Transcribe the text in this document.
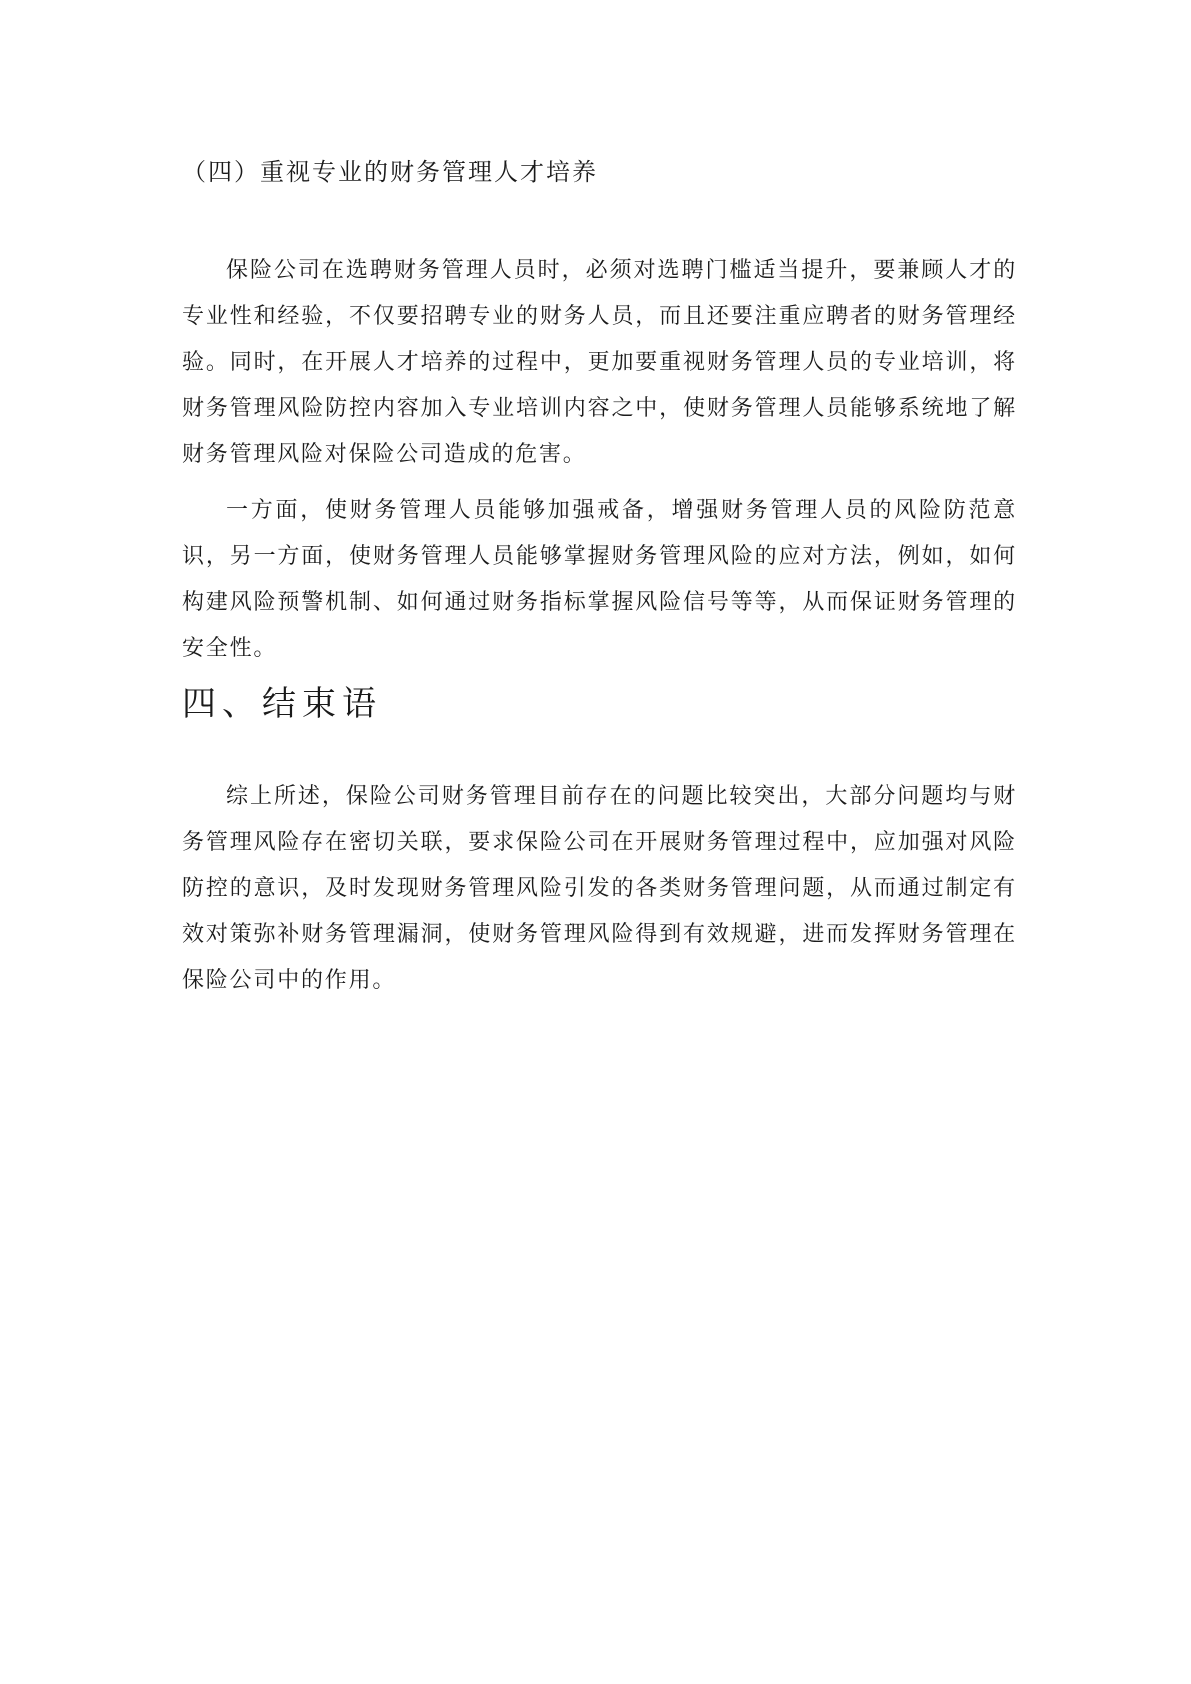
（四）重视专业的财务管理人才培养

保险公司在选聘财务管理人员时，必须对选聘门槛适当提升，要兼顾人才的专业性和经验，不仅要招聘专业的财务人员，而且还要注重应聘者的财务管理经验。同时，在开展人才培养的过程中，更加要重视财务管理人员的专业培训，将财务管理风险防控内容加入专业培训内容之中，使财务管理人员能够系统地了解财务管理风险对保险公司造成的危害。

一方面，使财务管理人员能够加强戒备，增强财务管理人员的风险防范意识，另一方面，使财务管理人员能够掌握财务管理风险的应对方法，例如，如何构建风险预警机制、如何通过财务指标掌握风险信号等等，从而保证财务管理的安全性。

四、结束语

综上所述，保险公司财务管理目前存在的问题比较突出，大部分问题均与财务管理风险存在密切关联，要求保险公司在开展财务管理过程中，应加强对风险防控的意识，及时发现财务管理风险引发的各类财务管理问题，从而通过制定有效对策弥补财务管理漏洞，使财务管理风险得到有效规避，进而发挥财务管理在保险公司中的作用。
